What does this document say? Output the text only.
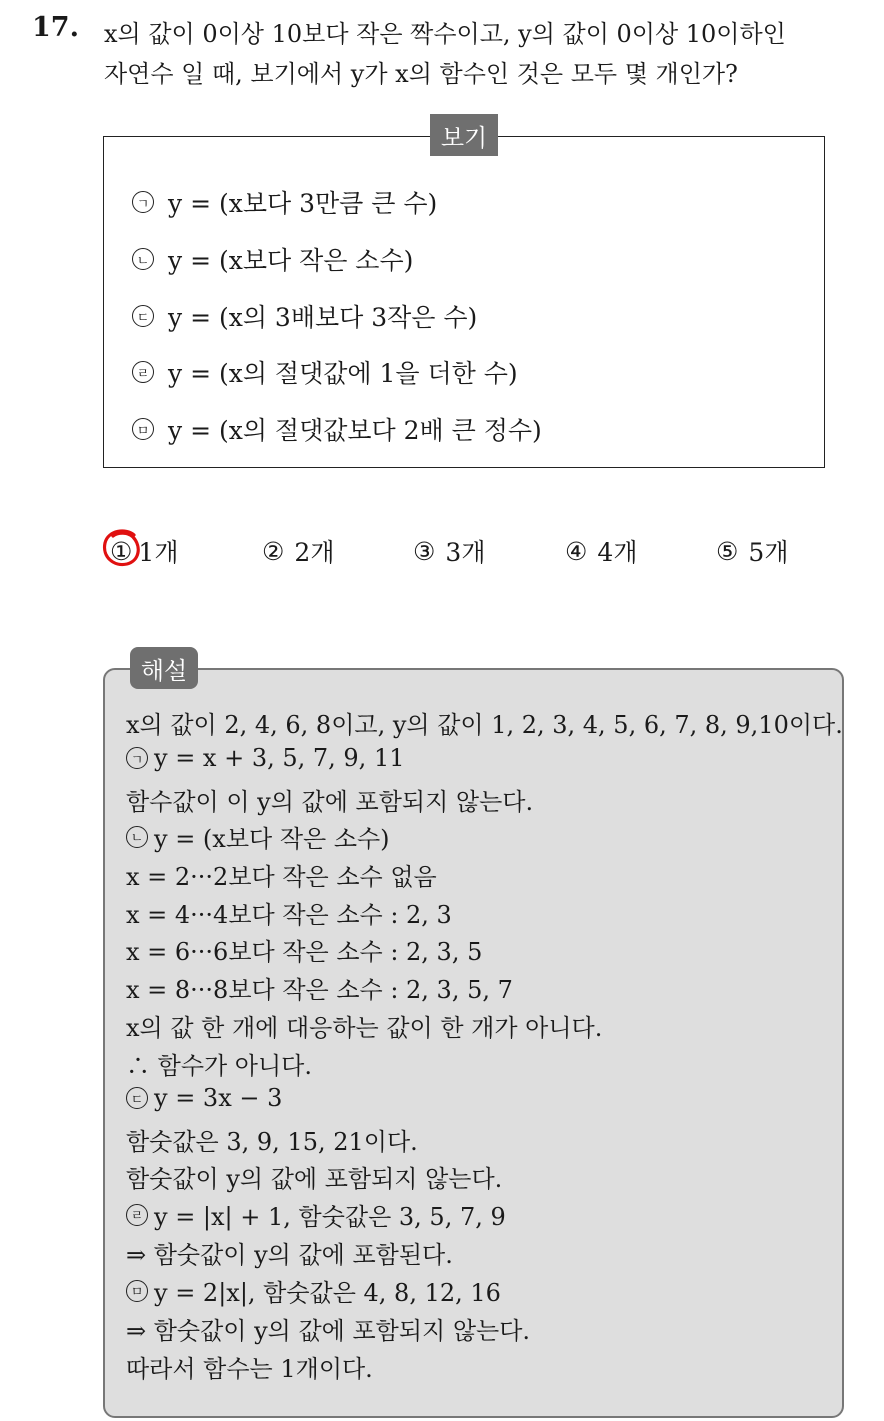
17. x의 값이 0이상 10보다 작은 짝수이고, y의 값이 0이상 10이하인
자연수 일 때, 보기에서 y가 x의 함수인 것은 모두 몇 개인가?
보기
ㄱ y = (x보다 3만큼 큰 수)
ㄴ y = (x보다 작은 소수)
ㄷ y = (x의 3배보다 3작은 수)
ㄹ y = (x의 절댓값에 1을 더한 수)
ㅁ y = (x의 절댓값보다 2배 큰 정수)
① 1개	② 2개	③ 3개	④ 4개	⑤ 5개
해설
x의 값이 2, 4, 6, 8이고, y의 값이 1, 2, 3, 4, 5, 6, 7, 8, 9,10이다.
ㄱ y = x + 3, 5, 7, 9, 11
함수값이 이 y의 값에 포함되지 않는다.
ㄴ y = (x보다 작은 소수)
x = 2···2보다 작은 소수 없음
x = 4···4보다 작은 소수 : 2, 3
x = 6···6보다 작은 소수 : 2, 3, 5
x = 8···8보다 작은 소수 : 2, 3, 5, 7
x의 값 한 개에 대응하는 값이 한 개가 아니다.
∴ 함수가 아니다.
ㄷ y = 3x − 3
함숫값은 3, 9, 15, 21이다.
함숫값이 y의 값에 포함되지 않는다.
ㄹ y = |x| + 1, 함숫값은 3, 5, 7, 9
⇒ 함숫값이 y의 값에 포함된다.
ㅁ y = 2|x|, 함숫값은 4, 8, 12, 16
⇒ 함숫값이 y의 값에 포함되지 않는다.
따라서 함수는 1개이다.
